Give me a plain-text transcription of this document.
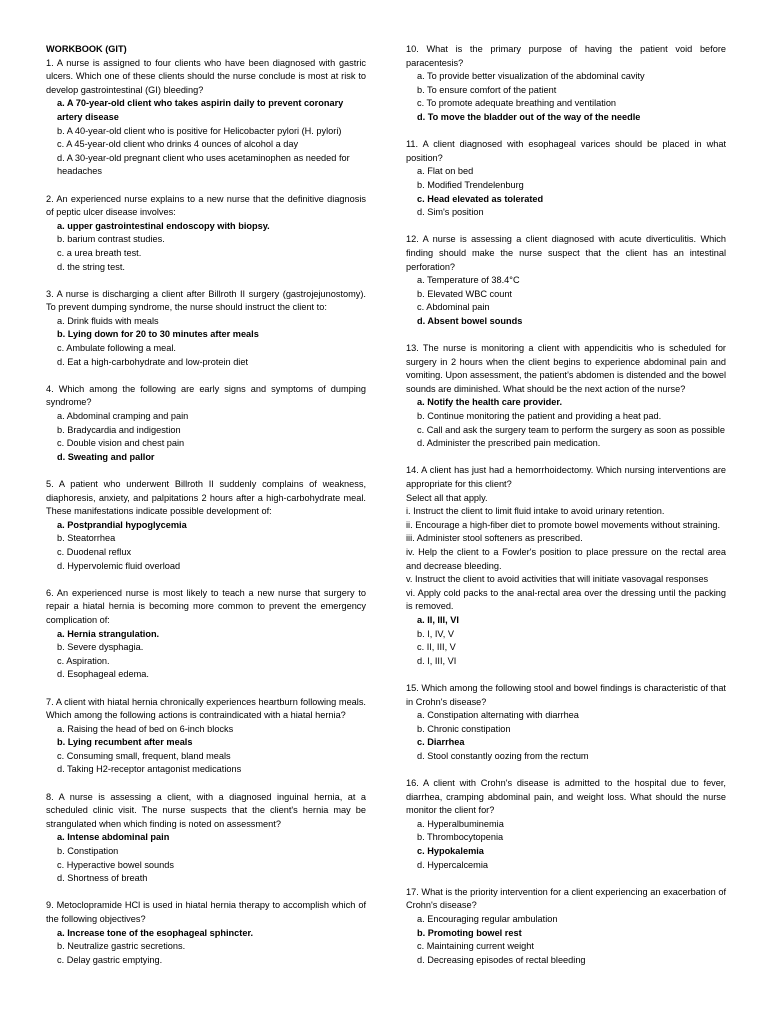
WORKBOOK (GIT)
1. A nurse is assigned to four clients who have been diagnosed with gastric ulcers. Which one of these clients should the nurse conclude is most at risk to develop gastrointestinal (GI) bleeding?
a. A 70-year-old client who takes aspirin daily to prevent coronary artery disease
b. A 40-year-old client who is positive for Helicobacter pylori (H. pylori)
c. A 45-year-old client who drinks 4 ounces of alcohol a day
d. A 30-year-old pregnant client who uses acetaminophen as needed for headaches
2. An experienced nurse explains to a new nurse that the definitive diagnosis of peptic ulcer disease involves:
a. upper gastrointestinal endoscopy with biopsy.
b. barium contrast studies.
c. a urea breath test.
d. the string test.
3. A nurse is discharging a client after Billroth II surgery (gastrojejunostomy). To prevent dumping syndrome, the nurse should instruct the client to:
a. Drink fluids with meals
b. Lying down for 20 to 30 minutes after meals
c. Ambulate following a meal.
d. Eat a high-carbohydrate and low-protein diet
4. Which among the following are early signs and symptoms of dumping syndrome?
a. Abdominal cramping and pain
b. Bradycardia and indigestion
c. Double vision and chest pain
d. Sweating and pallor
5. A patient who underwent Billroth II suddenly complains of weakness, diaphoresis, anxiety, and palpitations 2 hours after a high-carbohydrate meal. These manifestations indicate possible development of:
a. Postprandial hypoglycemia
b. Steatorrhea
c. Duodenal reflux
d. Hypervolemic fluid overload
6. An experienced nurse is most likely to teach a new nurse that surgery to repair a hiatal hernia is becoming more common to prevent the emergency complication of:
a. Hernia strangulation.
b. Severe dysphagia.
c. Aspiration.
d. Esophageal edema.
7. A client with hiatal hernia chronically experiences heartburn following meals. Which among the following actions is contraindicated with a hiatal hernia?
a. Raising the head of bed on 6-inch blocks
b. Lying recumbent after meals
c. Consuming small, frequent, bland meals
d. Taking H2-receptor antagonist medications
8. A nurse is assessing a client, with a diagnosed inguinal hernia, at a scheduled clinic visit. The nurse suspects that the client's hernia may be strangulated when which finding is noted on assessment?
a. Intense abdominal pain
b. Constipation
c. Hyperactive bowel sounds
d. Shortness of breath
9. Metoclopramide HCl is used in hiatal hernia therapy to accomplish which of the following objectives?
a. Increase tone of the esophageal sphincter.
b. Neutralize gastric secretions.
c. Delay gastric emptying.
10. What is the primary purpose of having the patient void before paracentesis?
a. To provide better visualization of the abdominal cavity
b. To ensure comfort of the patient
c. To promote adequate breathing and ventilation
d. To move the bladder out of the way of the needle
11. A client diagnosed with esophageal varices should be placed in what position?
a. Flat on bed
b. Modified Trendelenburg
c. Head elevated as tolerated
d. Sim's position
12. A nurse is assessing a client diagnosed with acute diverticulitis. Which finding should make the nurse suspect that the client has an intestinal perforation?
a. Temperature of 38.4°C
b. Elevated WBC count
c. Abdominal pain
d. Absent bowel sounds
13. The nurse is monitoring a client with appendicitis who is scheduled for surgery in 2 hours when the client begins to experience abdominal pain and vomiting. Upon assessment, the patient's abdomen is distended and the bowel sounds are diminished. What should be the next action of the nurse?
a. Notify the health care provider.
b. Continue monitoring the patient and providing a heat pad.
c. Call and ask the surgery team to perform the surgery as soon as possible
d. Administer the prescribed pain medication.
14. A client has just had a hemorrhoidectomy. Which nursing interventions are appropriate for this client?
Select all that apply.
i. Instruct the client to limit fluid intake to avoid urinary retention.
ii. Encourage a high-fiber diet to promote bowel movements without straining.
iii. Administer stool softeners as prescribed.
iv. Help the client to a Fowler's position to place pressure on the rectal area and decrease bleeding.
v. Instruct the client to avoid activities that will initiate vasovagal responses
vi. Apply cold packs to the anal-rectal area over the dressing until the packing is removed.
a. II, III, VI
b. I, IV, V
c. II, III, V
d. I, III, VI
15. Which among the following stool and bowel findings is characteristic of that in Crohn's disease?
a. Constipation alternating with diarrhea
b. Chronic constipation
c. Diarrhea
d. Stool constantly oozing from the rectum
16. A client with Crohn's disease is admitted to the hospital due to fever, diarrhea, cramping abdominal pain, and weight loss. What should the nurse monitor the client for?
a. Hyperalbuminemia
b. Thrombocytopenia
c. Hypokalemia
d. Hypercalcemia
17. What is the priority intervention for a client experiencing an exacerbation of Crohn's disease?
a. Encouraging regular ambulation
b. Promoting bowel rest
c. Maintaining current weight
d. Decreasing episodes of rectal bleeding
